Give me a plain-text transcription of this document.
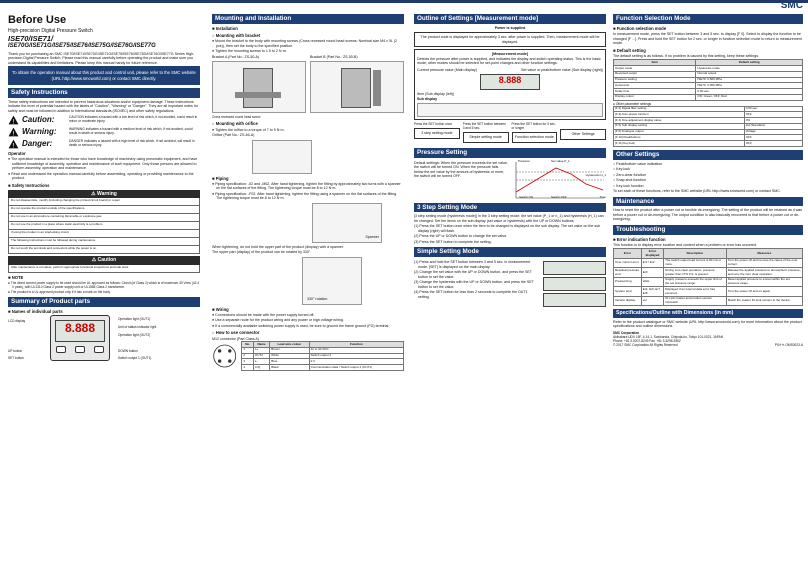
Before Use
High-precision Digital Pressure Switch
ISE70/ISE71/
ISE70G/ISE71G/ISE75/ISE76/ISE75G/ISE76G/ISE77G

Thank you for purchasing an SMC ISE70/ISE71/ISE70G/ISE71G/ISE75/ISE76/ISE75G/ISE76G/ISE77G Series High-precision Digital Pressure Switch. Please read this manual carefully before operating the product and make sure you understand its capabilities and limitations. Please keep this manual handy for future reference.

To obtain the operation manual about this product and control unit, please refer to the SMC website (URL http://www.smcworld.com) or contact SMC directly.
Safety Instructions

These safety instructions are intended to prevent hazardous situations and/or equipment damage. These instructions indicate the level of potential hazard with the labels of "Caution", "Warning" or "Danger". They are all important notes for safety and must be followed in addition to International standards (ISO/IEC) and other safety regulations.

! Caution:	CAUTION indicates a hazard with a low level of risk which, if not avoided, could result in minor or moderate injury.
! Warning:	WARNING indicates a hazard with a medium level of risk which, if not avoided, could result in death or serious injury.
! Danger:	DANGER indicates a hazard with a high level of risk which, if not avoided, will result in death or serious injury.
Operator
● The operation manual is intended for those who have knowledge of machinery using pneumatic equipment, and have sufficient knowledge of assembly, operation and maintenance of such equipment. Only those persons are allowed to perform assembly, operation and maintenance.
● Read and understand the operation manual carefully before assembling, operating or providing maintenance to the product.
■ Safety Instructions
⚠ Warning
Do not disassemble, modify (including changing the printed circuit board) or repair.
Do not operate the product outside of the specifications.
Do not use in an atmosphere containing flammable or explosive gas.
Do not use the product in a place where static electricity is a problem.
If using the product in an interlocking circuit.
The following instructions must be followed during maintenance.
Do not touch the terminals and connectors while the power is on.
⚠ Caution
After maintenance is complete, perform appropriate functional inspections and leak tests.
■ NOTE
● The direct current power supply to be used should be UL approved as follows: Circuit (of Class 2) which is of maximum 30 Vrms (42.4 V peak), with UL1310 Class 2 power supply unit or UL1585 Class 2 transformer.
● The product is a UL approved product only if it has a mark on the body.
Summary of Product parts
■ Names of individual parts
LCD display
UP button
SET button
8.888
Operation light (OUT1)
Unit of status indicator light
Operation light (OUT2)
DOWN button
Switch output 1 (OUT1)
Mounting and Installation
■ Installation
○ Mounting with bracket
● Mount the bracket to the body with mounting screws (Cross recessed round head screws: Nominal size M4 x 5L (2 pcs)), then set the body to the specified position.
● Tighten the mounting screws to 1.5 to 2 N·m.
Bracket A (Part No.: ZS-50-A)	Bracket B (Part No.: ZS-50-B)
Cross recessed round head screw
○ Mounting with orifice
● Tighten the orifice to a torque of 7 to 9 N·m.
Orifice (Part No.: ZS-46-A)
■ Piping
● Piping specification: -02 and -M02. After hand tightening, tighten the fitting by approximately two turns with a spanner on the flat surfaces of the fitting. The tightening torque must be 8 to 12 N·m.
● Piping specification: -F02. After hand tightening, tighten the fitting using a spanner on the flat surfaces of the fitting. The tightening torque must be 8 to 12 N·m.
Spanner

When tightening, do not hold the upper part of the product (display) with a spanner.

The upper part (display) of the product can be rotated by 330°.

330° rotation
■ Wiring
● Connections should be made with the power supply turned off.
● Use a separate route for the product wiring and any power or high voltage wiring.
● If a commercially available switching power supply is used, be sure to ground the frame ground (FG) terminal.
○ How to use connector
M12 connector (Part Class A)
No.	Name	Lead wire colour	Function
1	L+	Brown	12 to 30 VDC
2	OUT2	White	Switch output 2
3	L-	Blue	0 V
4	C/Q	Black	Communication data / Switch output 1 (OUT1)
Outline of Settings [Measurement mode]
Power is supplied
The product code is displayed for approximately 3 sec. after power is supplied. Then, measurement mode will be displayed.
[Measurement mode]
Detects the pressure after power is supplied, and indicates the display and switch operating status. This is the basic mode; other modes should be selected for set-point changes and other function settings.
Current pressure value (Main display)	Set value or peak/bottom value (Sub display (right))
8.888
Item (Sub display (left))
Sub display
Press the SET button once
3 step setting mode
Press the SET button between 3 and 5 sec.
Simple setting mode
Press the SET button for 5 sec. or longer
Function selection mode
Other Settings
Pressure Setting

Default settings: When the pressure exceeds the set value, the switch will be turned ON. When the pressure falls below the set value by the amount of hysteresis or more, the switch will be turned OFF.

Set value P_1
Hysteresis H_1
Switch ON	Switch OFF	Time
Pressure
3 Step Setting Mode

[3 step setting mode (hysteresis mode)] In the 3 step setting mode, the set value (P_1 or n_1) and hysteresis (H_1) can be changed. Set the items on the sub display (set value or hysteresis) with the UP or DOWN buttons.

(1) Press the SET button once when the item to be changed is displayed on the sub display. The set value on the sub display (right) will flash.
(2) Press the UP or DOWN button to change the set value.
(3) Press the SET button to complete the setting.
Simple Setting Mode
(1) Press and hold the SET button between 3 and 5 sec. in measurement mode. [SET] is displayed on the main display.
(2) Change the set value with the UP or DOWN button, and press the SET button to set the value.
(3) Change the hysteresis with the UP or DOWN button, and press the SET button to set the value.
(4) Press the SET button for less than 2 seconds to complete the OUT1 setting.
SMC
Function Selection Mode
■ Function selection mode

In measurement mode, press the SET button between 3 and 5 sec. to display [F 0]. Select to display the function to be changed [F ...]. Press and hold the SET button for 2 sec. or longer in function selection mode to return to measurement mode.

■ Default setting

The default setting is as follows. If no problem is caused by this setting, keep these settings.

Item	Default setting
Output mode	Hysteresis mode
Reversed output	Normal output
Pressure setting	ISE70: 0.500 MPa
Hysteresis	ISE70: 0.050 MPa
Delay time	0.00 sec.
Display colour	ON: Green, OFF: Red
● Other parameter settings
[F 2] Digital filter setting	0.00 sec.
[F 3] Auto-preset function	OFF
[F 4] Fine adjustment display value	0%
[F 5] Sub display setting	std (Standard)
[F 6] Analogue output	Voltage
[F 10] Peak/bottom	OFF
[F 11] Key-lock	OFF
Other Settings
○ Peak/bottom value indication
○ Key-lock
○ Zero-clear function
○ Snap shot function
○ Key-lock function

To set each of these functions, refer to the SMC website (URL http://www.smcworld.com) or contact SMC.

Maintenance

How to reset the product after a power cut or forcible de-energizing. The setting of the product will be retained as it was before a power cut or de-energizing. The output condition is also basically recovered to that before a power cut or de-energizing.

Troubleshooting
■ Error indication function

This function is to display error location and content when a problem or error has occurred.

Error	Error displayed	Description	Measures
Over current error	Er1 / Er2	The switch output load current is 80 mA or more.	Turn the power off and remove the cause of the over current.
Residual pressure error	Er0	During zero clear operation, pressure greater than ±7% F.S. is present.	Release the applied pressure to atmospheric pressure, and retry the zero clear operation.
Pressurizing	HHH	Supply pressure exceeds the upper limit of the set pressure range.	Reset applied pressure to a level within the set pressure range.
System error	Er4, Er6, Er7, Er8	Displayed if an internal data error has occurred.	Turn the power off and on again.
Version display	ver	IO-Link master and product version mismatch.	Match the master IO-Link version to the device.
Specifications/Outline with Dimensions (in mm)

Refer to the product catalogue or SMC website (URL http://www.smcworld.com) for more information about the product specifications and outline dimensions.

SMC Corporation
Akihabara UDX 15F, 4-14-1, Sotokanda, Chiyoda-ku, Tokyo 101-0021, JAPAN
Phone: +81 3-5207-8249 Fax: +81 3-5298-5362
© 2017 SMC Corporation All Rights Reserved	PS※※-OMS0023-A
